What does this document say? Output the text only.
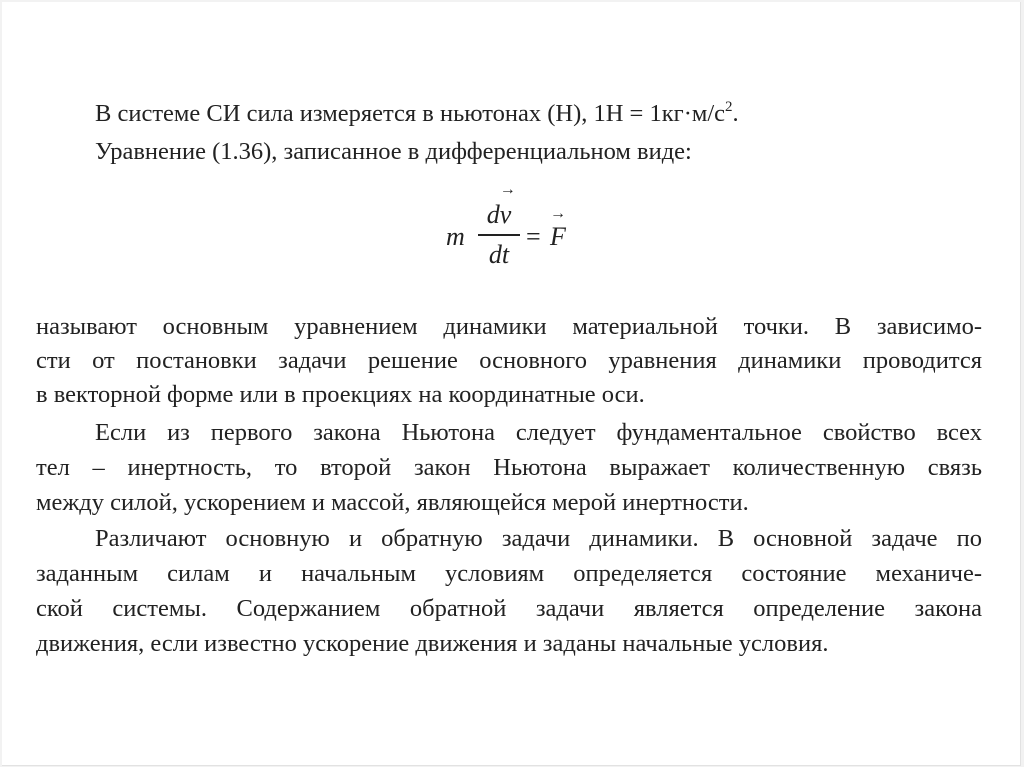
В системе СИ сила измеряется в ньютонах (Н), $1Н = 1кг\cdot м/с^2$.
Уравнение (1.36), записанное в дифференциальном виде:
m
d→ v
dt
=
→ F
называют основным уравнением динамики материальной точки. В зависимо-
сти от постановки задачи решение основного уравнения динамики проводится
в векторной форме или в проекциях на координатные оси.
Если из первого закона Ньютона следует фундаментальное свойство всех
тел – инертность, то второй закон Ньютона выражает количественную связь
между силой, ускорением и массой, являющейся мерой инертности.
Различают основную и обратную задачи динамики. В основной задаче по
заданным силам и начальным условиям определяется состояние механиче-
ской системы. Содержанием обратной задачи является определение закона
движения, если известно ускорение движения и заданы начальные условия.
